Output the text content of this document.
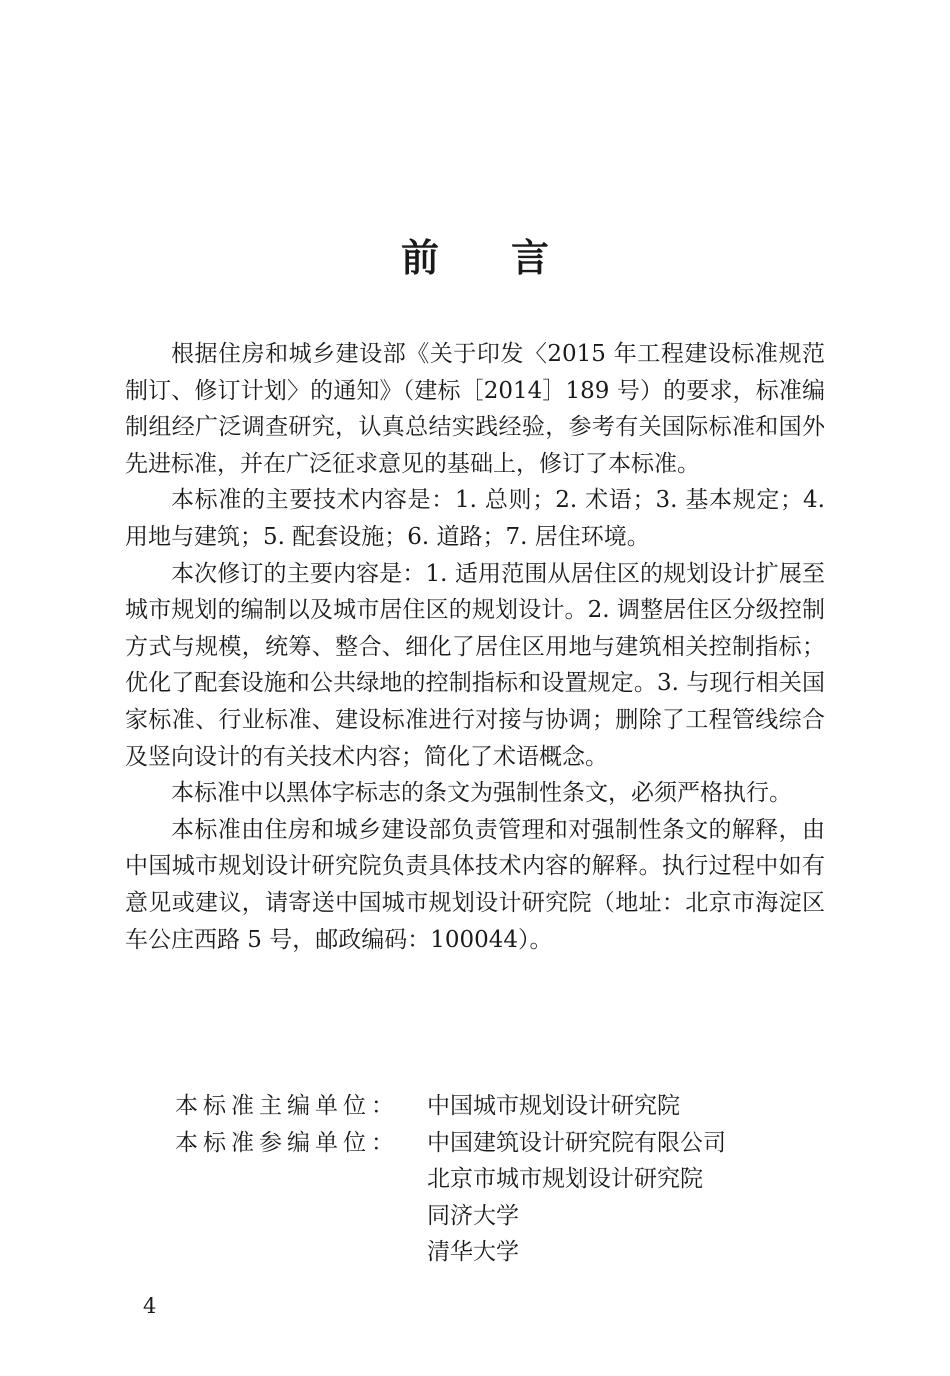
前言

根据住房和城乡建设部《关于印发〈2015 年工程建设标准规范制订、修订计划〉的通知》（建标［2014］189 号）的要求，标准编制组经广泛调查研究，认真总结实践经验，参考有关国际标准和国外先进标准，并在广泛征求意见的基础上，修订了本标准。

本标准的主要技术内容是：1. 总则；2. 术语；3. 基本规定；4. 用地与建筑；5. 配套设施；6. 道路；7. 居住环境。

本次修订的主要内容是：1. 适用范围从居住区的规划设计扩展至城市规划的编制以及城市居住区的规划设计。2. 调整居住区分级控制方式与规模，统筹、整合、细化了居住区用地与建筑相关控制指标；优化了配套设施和公共绿地的控制指标和设置规定。3. 与现行相关国家标准、行业标准、建设标准进行对接与协调；删除了工程管线综合及竖向设计的有关技术内容；简化了术语概念。

本标准中以黑体字标志的条文为强制性条文，必须严格执行。

本标准由住房和城乡建设部负责管理和对强制性条文的解释，由中国城市规划设计研究院负责具体技术内容的解释。执行过程中如有意见或建议，请寄送中国城市规划设计研究院（地址：北京市海淀区车公庄西路 5 号，邮政编码：100044）。

本标准主编单位：	中国城市规划设计研究院
本标准参编单位：	中国建筑设计研究院有限公司
北京市城市规划设计研究院
同济大学
清华大学
4
